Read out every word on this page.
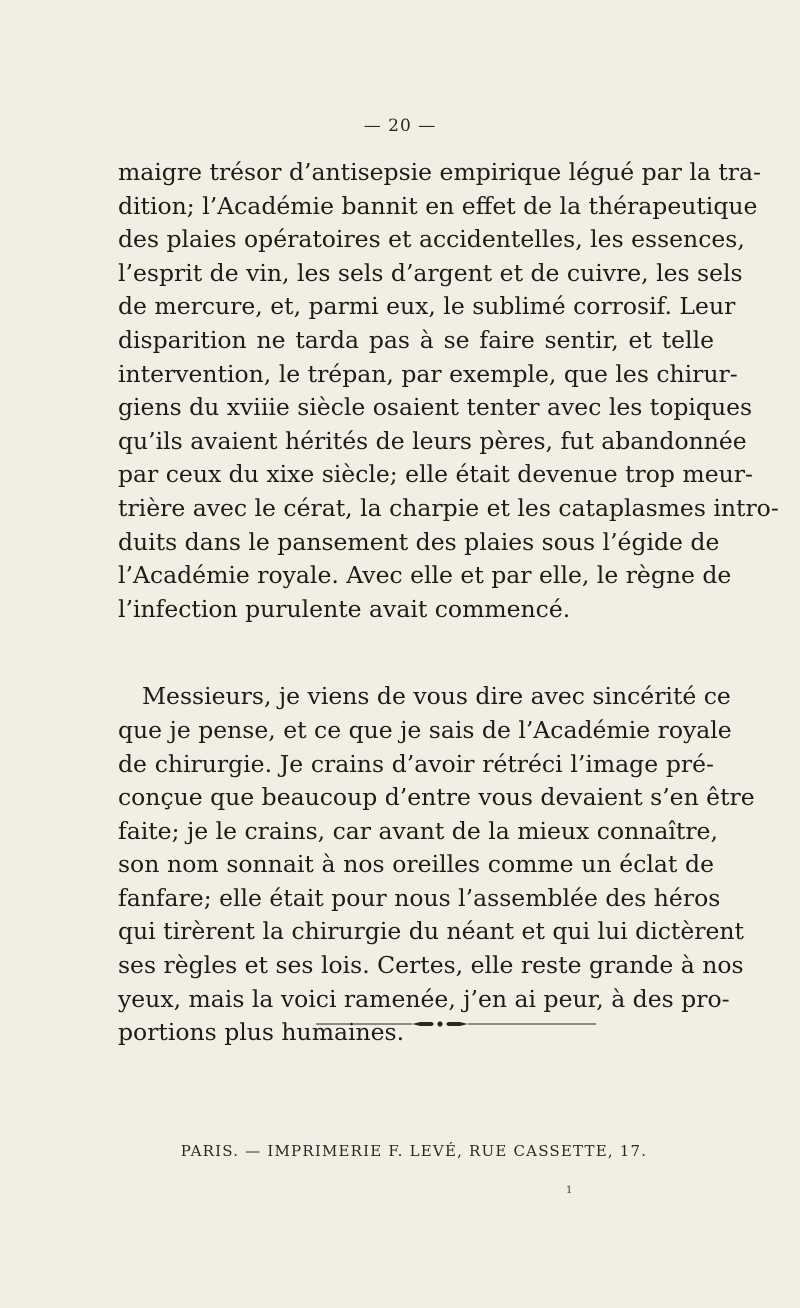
— 20 —

maigre trésor d’antisepsie empirique légué par la tra-
dition; l’Académie bannit en effet de la thérapeutique
des plaies opératoires et accidentelles, les essences,
l’esprit de vin, les sels d’argent et de cuivre, les sels
de mercure, et, parmi eux, le sublimé corrosif. Leur
disparition ne tarda pas à se faire sentir, et telle
intervention, le trépan, par exemple, que les chirur-
giens du xviiie siècle osaient tenter avec les topiques
qu’ils avaient hérités de leurs pères, fut abandonnée
par ceux du xixe siècle; elle était devenue trop meur-
trière avec le cérat, la charpie et les cataplasmes intro-
duits dans le pansement des plaies sous l’égide de
l’Académie royale. Avec elle et par elle, le règne de
l’infection purulente avait commencé.

Messieurs, je viens de vous dire avec sincérité ce
que je pense, et ce que je sais de l’Académie royale
de chirurgie. Je crains d’avoir rétréci l’image pré-
conçue que beaucoup d’entre vous devaient s’en être
faite; je le crains, car avant de la mieux connaître,
son nom sonnait à nos oreilles comme un éclat de
fanfare; elle était pour nous l’assemblée des héros
qui tirèrent la chirurgie du néant et qui lui dictèrent
ses règles et ses lois. Certes, elle reste grande à nos
yeux, mais la voici ramenée, j’en ai peur, à des pro-
portions plus humaines.

PARIS. — IMPRIMERIE F. LEVÉ, RUE CASSETTE, 17.
1
